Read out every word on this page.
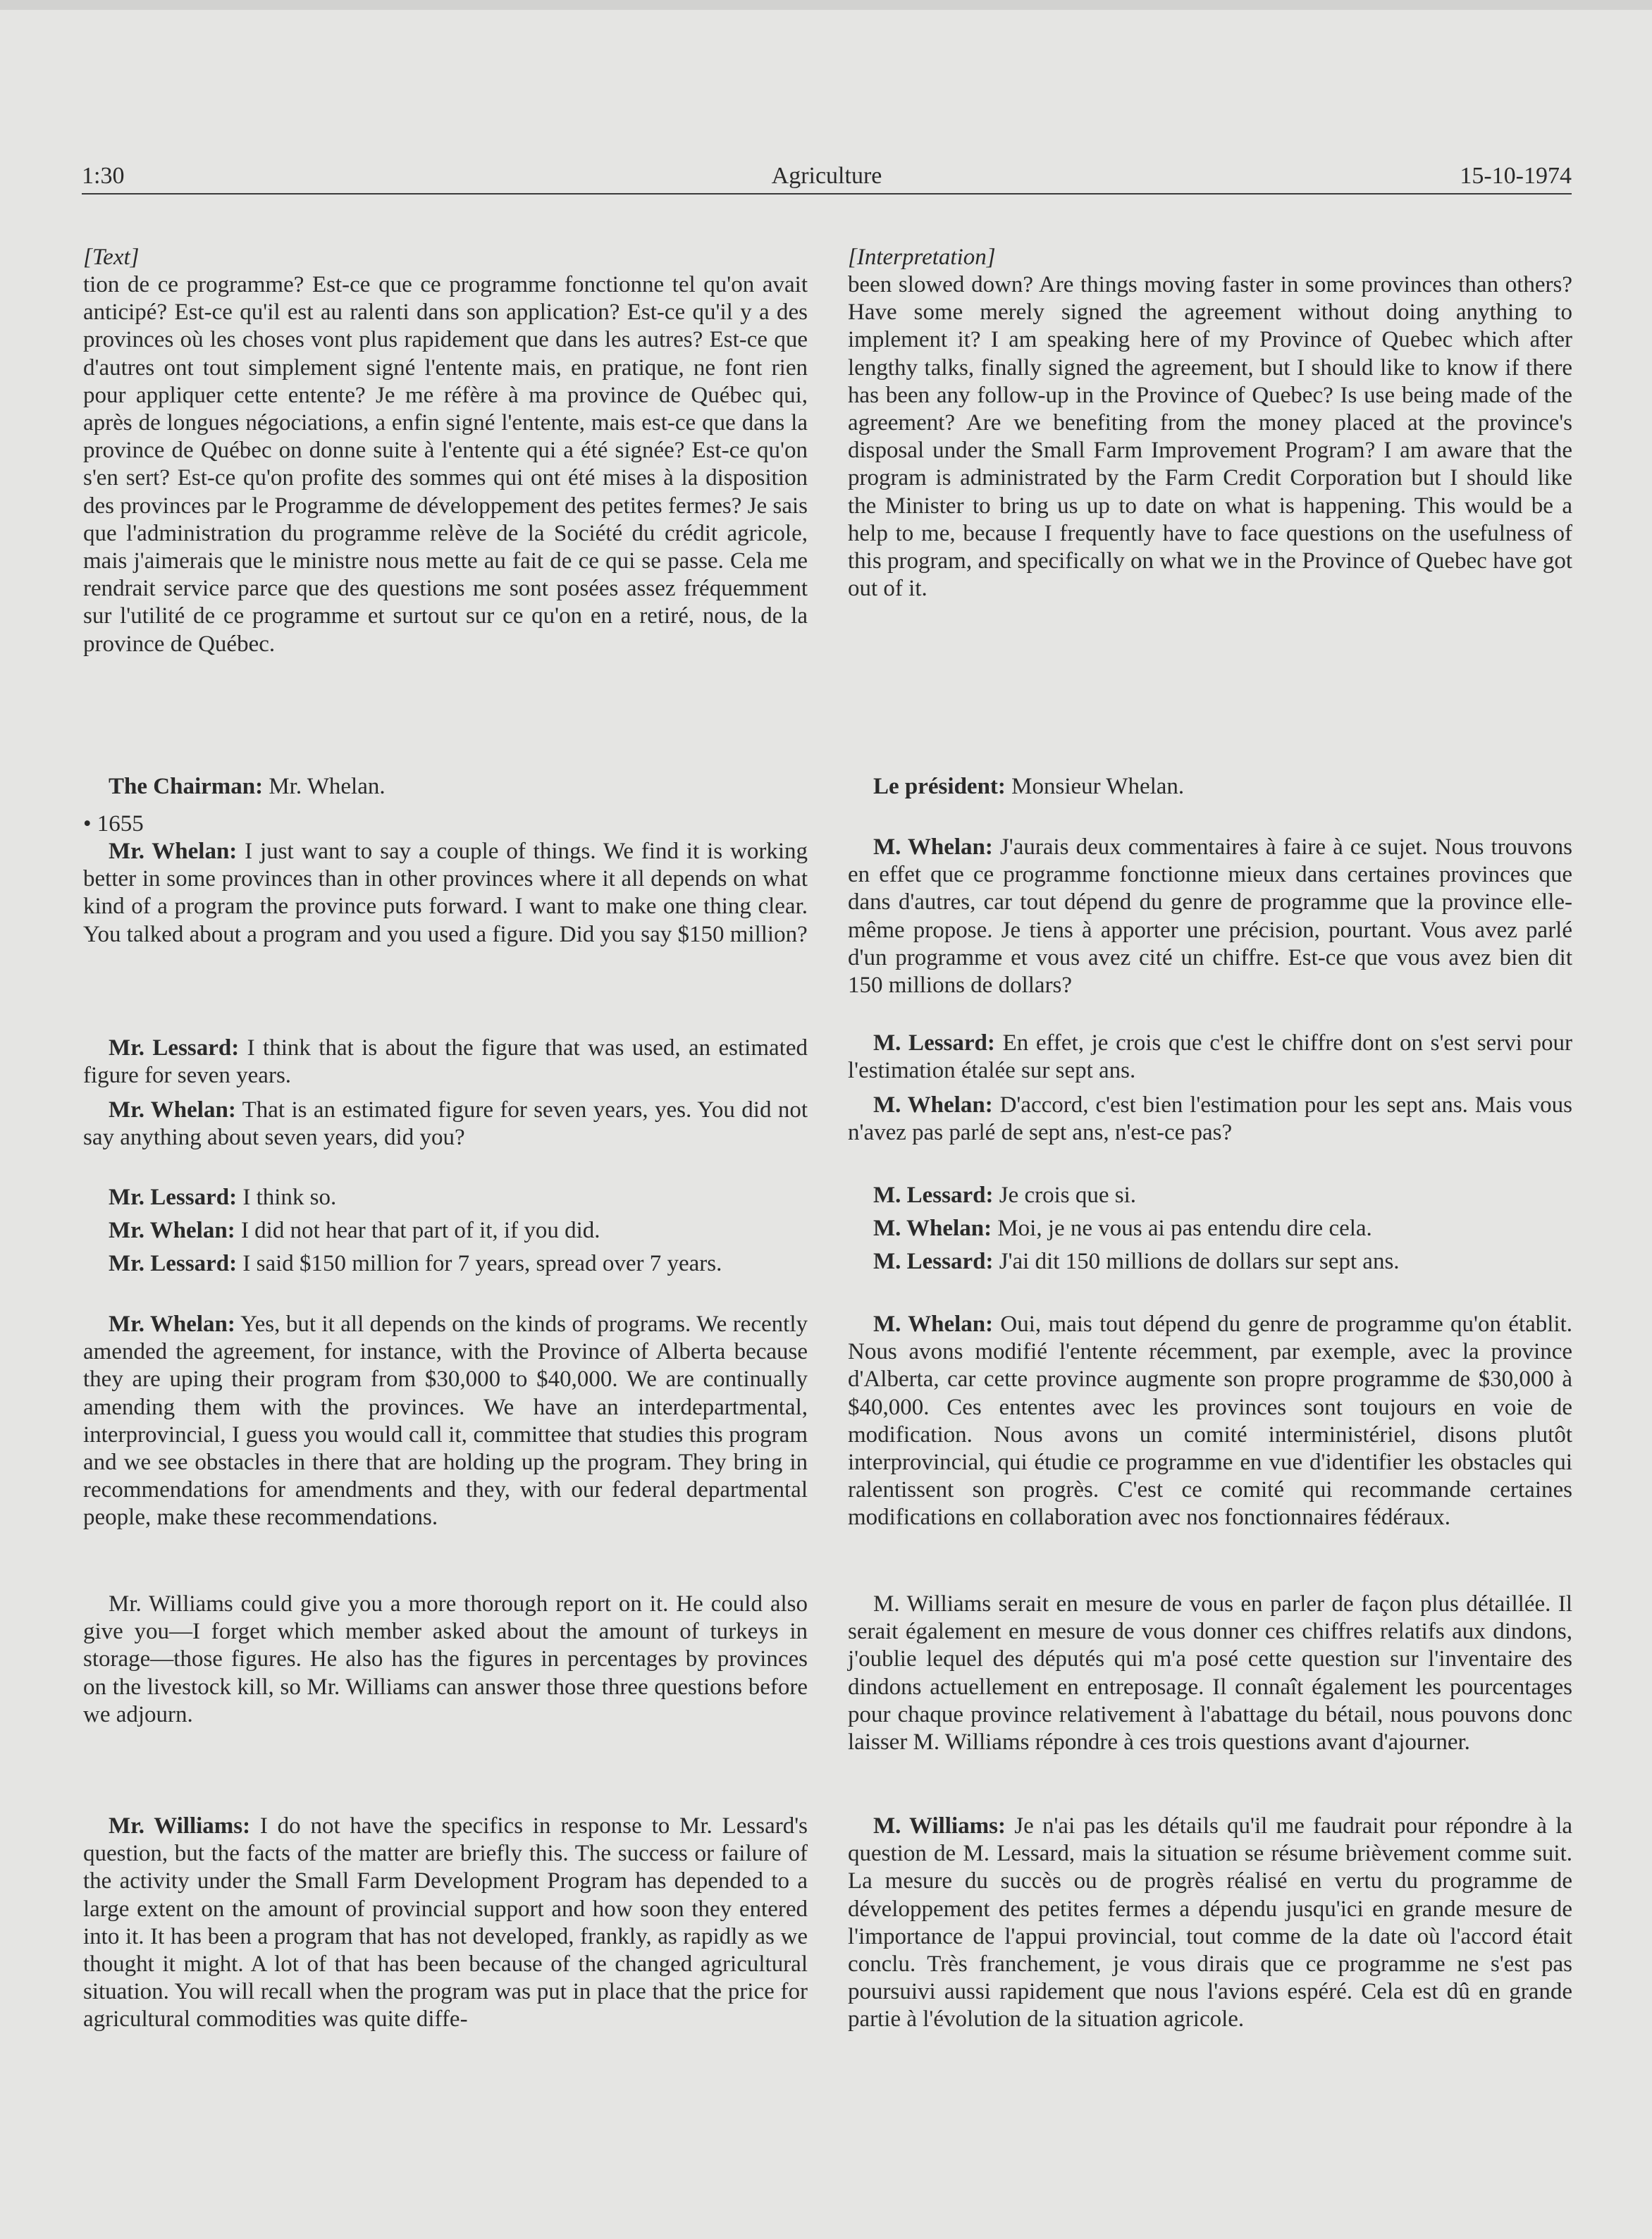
1:30	Agriculture	15-10-1974

[Text]

tion de ce programme? Est-ce que ce programme fonctionne tel qu'on avait anticipé? Est-ce qu'il est au ralenti dans son application? Est-ce qu'il y a des provinces où les choses vont plus rapidement que dans les autres? Est-ce que d'autres ont tout simplement signé l'entente mais, en pratique, ne font rien pour appliquer cette entente? Je me réfère à ma province de Québec qui, après de longues négociations, a enfin signé l'entente, mais est-ce que dans la province de Québec on donne suite à l'entente qui a été signée? Est-ce qu'on s'en sert? Est-ce qu'on profite des sommes qui ont été mises à la disposition des provinces par le Programme de développement des petites fermes? Je sais que l'administration du programme relève de la Société du crédit agricole, mais j'aimerais que le ministre nous mette au fait de ce qui se passe. Cela me rendrait service parce que des questions me sont posées assez fréquemment sur l'utilité de ce programme et surtout sur ce qu'on en a retiré, nous, de la province de Québec.

The Chairman: Mr. Whelan.

• 1655

Mr. Whelan: I just want to say a couple of things. We find it is working better in some provinces than in other provinces where it all depends on what kind of a program the province puts forward. I want to make one thing clear. You talked about a program and you used a figure. Did you say $150 million?

Mr. Lessard: I think that is about the figure that was used, an estimated figure for seven years.

Mr. Whelan: That is an estimated figure for seven years, yes. You did not say anything about seven years, did you?

Mr. Lessard: I think so.

Mr. Whelan: I did not hear that part of it, if you did.

Mr. Lessard: I said $150 million for 7 years, spread over 7 years.

Mr. Whelan: Yes, but it all depends on the kinds of programs. We recently amended the agreement, for instance, with the Province of Alberta because they are uping their program from $30,000 to $40,000. We are continually amending them with the provinces. We have an interdepartmental, interprovincial, I guess you would call it, committee that studies this program and we see obstacles in there that are holding up the program. They bring in recommendations for amendments and they, with our federal departmental people, make these recommendations.

Mr. Williams could give you a more thorough report on it. He could also give you—I forget which member asked about the amount of turkeys in storage—those figures. He also has the figures in percentages by provinces on the livestock kill, so Mr. Williams can answer those three questions before we adjourn.

Mr. Williams: I do not have the specifics in response to Mr. Lessard's question, but the facts of the matter are briefly this. The success or failure of the activity under the Small Farm Development Program has depended to a large extent on the amount of provincial support and how soon they entered into it. It has been a program that has not developed, frankly, as rapidly as we thought it might. A lot of that has been because of the changed agricultural situation. You will recall when the program was put in place that the price for agricultural commodities was quite diffe-

[Interpretation]

been slowed down? Are things moving faster in some provinces than others? Have some merely signed the agreement without doing anything to implement it? I am speaking here of my Province of Quebec which after lengthy talks, finally signed the agreement, but I should like to know if there has been any follow-up in the Province of Quebec? Is use being made of the agreement? Are we benefiting from the money placed at the province's disposal under the Small Farm Improvement Program? I am aware that the program is administrated by the Farm Credit Corporation but I should like the Minister to bring us up to date on what is happening. This would be a help to me, because I frequently have to face questions on the usefulness of this program, and specifically on what we in the Province of Quebec have got out of it.

Le président: Monsieur Whelan.

M. Whelan: J'aurais deux commentaires à faire à ce sujet. Nous trouvons en effet que ce programme fonctionne mieux dans certaines provinces que dans d'autres, car tout dépend du genre de programme que la province elle-même propose. Je tiens à apporter une précision, pourtant. Vous avez parlé d'un programme et vous avez cité un chiffre. Est-ce que vous avez bien dit 150 millions de dollars?

M. Lessard: En effet, je crois que c'est le chiffre dont on s'est servi pour l'estimation étalée sur sept ans.

M. Whelan: D'accord, c'est bien l'estimation pour les sept ans. Mais vous n'avez pas parlé de sept ans, n'est-ce pas?

M. Lessard: Je crois que si.

M. Whelan: Moi, je ne vous ai pas entendu dire cela.

M. Lessard: J'ai dit 150 millions de dollars sur sept ans.

M. Whelan: Oui, mais tout dépend du genre de programme qu'on établit. Nous avons modifié l'entente récemment, par exemple, avec la province d'Alberta, car cette province augmente son propre programme de $30,000 à $40,000. Ces ententes avec les provinces sont toujours en voie de modification. Nous avons un comité interministériel, disons plutôt interprovincial, qui étudie ce programme en vue d'identifier les obstacles qui ralentissent son progrès. C'est ce comité qui recommande certaines modifications en collaboration avec nos fonctionnaires fédéraux.

M. Williams serait en mesure de vous en parler de façon plus détaillée. Il serait également en mesure de vous donner ces chiffres relatifs aux dindons, j'oublie lequel des députés qui m'a posé cette question sur l'inventaire des dindons actuellement en entreposage. Il connaît également les pourcentages pour chaque province relativement à l'abattage du bétail, nous pouvons donc laisser M. Williams répondre à ces trois questions avant d'ajourner.

M. Williams: Je n'ai pas les détails qu'il me faudrait pour répondre à la question de M. Lessard, mais la situation se résume brièvement comme suit. La mesure du succès ou de progrès réalisé en vertu du programme de développement des petites fermes a dépendu jusqu'ici en grande mesure de l'importance de l'appui provincial, tout comme de la date où l'accord était conclu. Très franchement, je vous dirais que ce programme ne s'est pas poursuivi aussi rapidement que nous l'avions espéré. Cela est dû en grande partie à l'évolution de la situation agricole.
